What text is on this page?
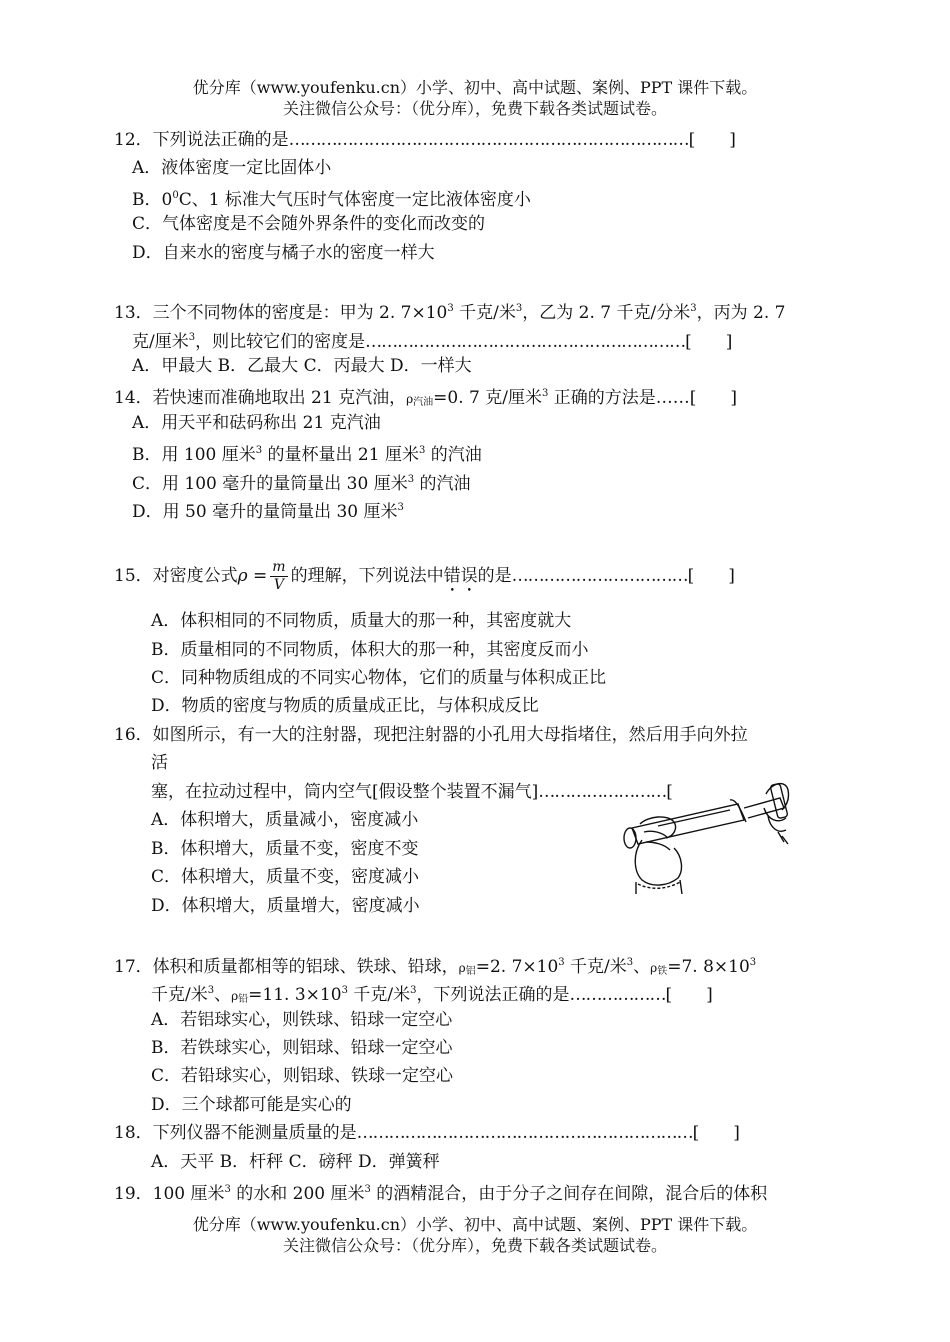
优分库（www.youfenku.cn）小学、初中、高中试题、案例、PPT 课件下载。
关注微信公众号：（优分库），免费下载各类试题试卷。
12．下列说法正确的是…………………………………………………………………[　　]
A．液体密度一定比固体小
B．$0^0C$、1 标准大气压时气体密度一定比液体密度小
C．气体密度是不会随外界条件的变化而改变的
D．自来水的密度与橘子水的密度一样大
13．三个不同物体的密度是：甲为 2. $7\times 10^3$ 千克/米$^3$，乙为 2. 7 千克/分米$^3$，丙为 2. 7
克/厘米$^3$，则比较它们的密度是……………………………………………………[　　]
A．甲最大 B．乙最大 C．丙最大 D．一样大
14．若快速而准确地取出 21 克汽油，$\rho_{汽油}=0$. 7 克/厘米$^3$ 正确的方法是……[　　]
A．用天平和砝码称出 21 克汽油
B．用 100 厘米$^3$ 的量杯量出 21 厘米$^3$ 的汽油
C．用 100 毫升的量筒量出 30 厘米$^3$ 的汽油
D．用 50 毫升的量筒量出 30 厘米$^3$
15．对密度公式$\rho = \frac{m}{V}$ 的理解，下列说法中错误的是……………………………[　　]
A．体积相同的不同物质，质量大的那一种，其密度就大
B．质量相同的不同物质，体积大的那一种，其密度反而小
C．同种物质组成的不同实心物体，它们的质量与体积成正比
D．物质的密度与物质的质量成正比，与体积成反比
16．如图所示，有一大的注射器，现把注射器的小孔用大母指堵住，然后用手向外拉
活
塞，在拉动过程中，筒内空气[假设整个装置不漏气]……………………[
A．体积增大，质量减小，密度减小
B．体积增大，质量不变，密度不变
C．体积增大，质量不变，密度减小
D．体积增大，质量增大，密度减小
17．体积和质量都相等的铝球、铁球、铅球，$\rho_铝=2$. $7\times 10^3$ 千克/米$^3$、$\rho_铁=7$. $8\times 10^3$
千克/米$^3$、$\rho_铅=11$. $3\times 10^3$ 千克/米$^3$，下列说法正确的是………………[　　]
A．若铝球实心，则铁球、铅球一定空心
B．若铁球实心，则铝球、铅球一定空心
C．若铅球实心，则铝球、铁球一定空心
D．三个球都可能是实心的
18．下列仪器不能测量质量的是………………………………………………………[　　]
A．天平 B．杆秤 C．磅秤 D．弹簧秤
19．100 厘米$^3$ 的水和 200 厘米$^3$ 的酒精混合，由于分子之间存在间隙，混合后的体积
优分库（www.youfenku.cn）小学、初中、高中试题、案例、PPT 课件下载。
关注微信公众号：（优分库），免费下载各类试题试卷。
